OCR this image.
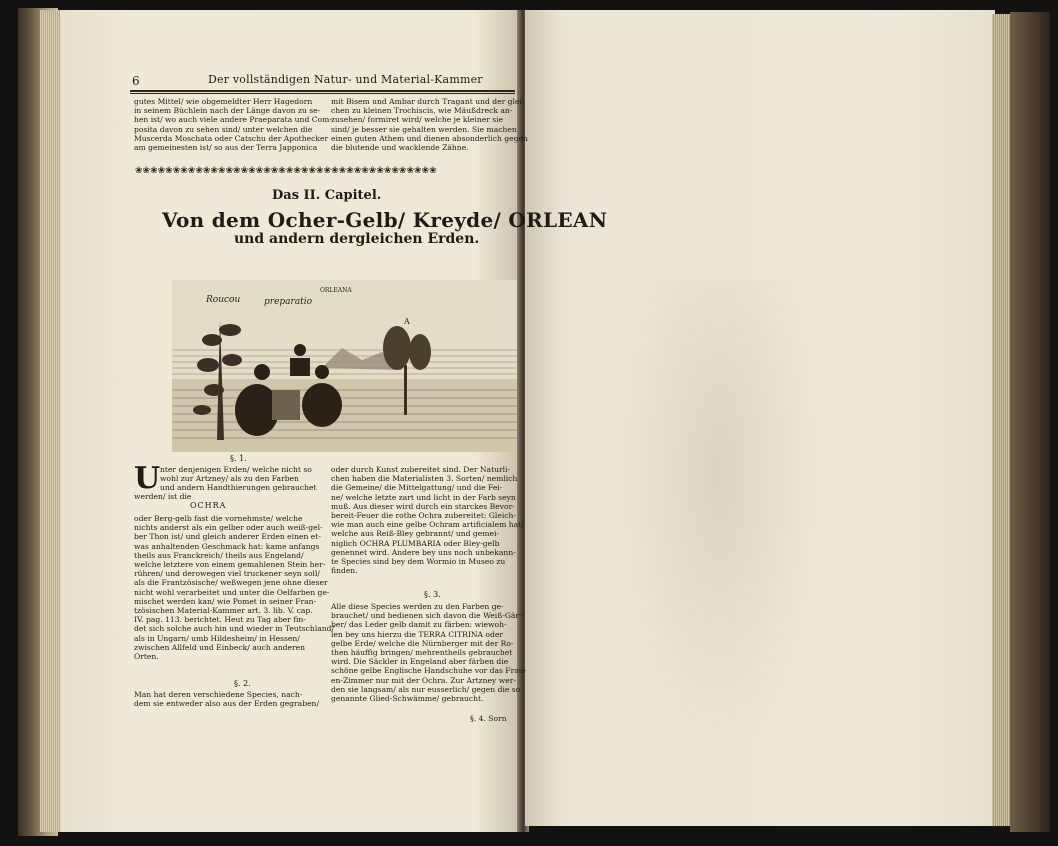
6	Der vollständigen Natur- und Material-Kammer
gutes Mittel/ wie obgemeldter Herr Hagedorn
in seinem Büchlein nach der Länge davon zu se-
hen ist/ wo auch viele andere Praeparata und Com-
posita davon zu sehen sind/ unter welchen die
Muscerda Moschata oder Catschu der Apothecker
am gemeinesten ist/ so aus der Terra Japponica
mit Bisem und Ambar durch Tragant und der glei-
chen zu kleinen Trochiscis, wie Mäußdreck an-
zusehen/ formiret wird/ welche je kleiner sie
sind/ je besser sie gehalten werden. Sie machen
einen guten Athem und dienen absonderlich gegen
die blutende und wacklende Zähne.
❀❀❀❀❀❀❀❀❀❀❀❀❀❀❀❀❀❀❀❀❀❀❀❀❀❀❀❀❀❀❀❀❀❀❀❀❀❀❀❀
Das II. Capitel.
Von dem Ocher-Gelb/ Kreyde/ ORLEAN
und andern dergleichen Erden.
A
ORLEANA
Roucou	preparatio
§. 1.
U nter denjenigen Erden/ welche nicht so
wohl zur Artzney/ als zu den Farben
und andern Handthierungen gebrauchet
werden/ ist die
OCHRA
oder Berg-gelb fast die vornehmste/ welche
nichts anderst als ein gelber oder auch weiß-gel-
ber Thon ist/ und gleich anderer Erden einen et-
was anhaltenden Geschmack hat: kame anfangs
theils aus Franckreich/ theils aus Engeland/
welche letztere von einem gemahlenen Stein her-
rühren/ und derowegen viel truckener seyn soll/
als die Frantzösische/ weßwegen jene ohne dieser
nicht wohl verarbeitet und unter die Oelfarben ge-
mischet werden kan/ wie Pomet in seiner Fran-
tzösischen Material-Kammer art. 3. lib. V. cap.
IV. pag. 113. berichtet. Heut zu Tag aber fin-
det sich solche auch hin und wieder in Teutschland/
als in Ungarn/ umb Hildesheim/ in Hessen/
zwischen Allfeld und Einbeck/ auch anderen
Orten.
§. 2.
Man hat deren verschiedene Species, nach-
dem sie entweder also aus der Erden gegraben/
oder durch Kunst zubereitet sind. Der Naturli-
chen haben die Materialisten 3. Sorten/ nemlich
die Gemeine/ die Mittelgattung/ und die Fei-
ne/ welche letzte zart und licht in der Farb seyn
muß. Aus dieser wird durch ein starckes Bevor-
bereit-Feuer die rothe Ochra zubereitet: Gleich-
wie man auch eine gelbe Ochram artificialem hat/
welche aus Reiß-Bley gebrannt/ und gemei-
niglich OCHRA PLUMBARIA oder Bley-gelb
genennet wird. Andere bey uns noch unbekann-
te Species sind bey dem Wormio in Museo zu
finden.
§. 3.
Alle diese Species werden zu den Farben ge-
brauchet/ und bedienen sich davon die Weiß-Gär-
ber/ das Leder gelb damit zu färben: wiewoh-
len bey uns hierzu die TERRA CITRINA oder
gelbe Erde/ welche die Nürnberger mit der Ro-
then häuffig bringen/ mehrentheils gebrauchet
wird. Die Säckler in Engeland aber färben die
schöne gelbe Englische Handschuhe vor das Frau-
en-Zimmer nur mit der Ochra. Zur Artzney wer-
den sie langsam/ als nur eusserlich/ gegen die so
genannte Glied-Schwämme/ gebraucht.
§. 4. Sorn
